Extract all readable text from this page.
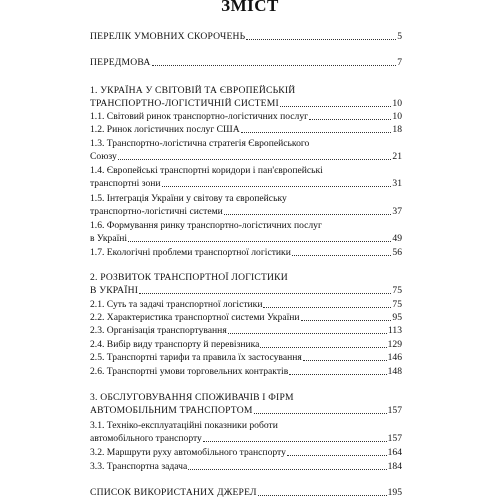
ЗМІСТ
ПЕРЕЛІК УМОВНИХ СКОРОЧЕНЬ	5
ПЕРЕДМОВА	7
1. УКРАЇНА У СВІТОВІЙ ТА ЄВРОПЕЙСЬКІЙ
ТРАНСПОРТНО-ЛОГІСТИЧНІЙ СИСТЕМІ	10
1.1. Світовий ринок транспортно-логістичних послуг	10
1.2. Ринок логістичних послуг США	18
1.3. Транспортно-логістична стратегія Європейського
Союзу	21
1.4. Європейські транспортні коридори і пан'європейські
транспортні зони	31
1.5. Інтеграція України у світову та європейську
транспортно-логістичні системи	37
1.6. Формування ринку транспортно-логістичних послуг
в Україні	49
1.7. Екологічні проблеми транспортної логістики	56
2. РОЗВИТОК ТРАНСПОРТНОЇ ЛОГІСТИКИ
В УКРАЇНІ	75
2.1. Суть та задачі транспортної логістики	75
2.2. Характеристика транспортної системи України	95
2.3. Організація транспортування	113
2.4. Вибір виду транспорту й перевізника	129
2.5. Транспортні тарифи та правила їх застосування	146
2.6. Транспортні умови торговельних контрактів	148
3. ОБСЛУГОВУВАННЯ СПОЖИВАЧІВ І ФІРМ
АВТОМОБІЛЬНИМ ТРАНСПОРТОМ	157
3.1. Техніко-експлуатаційні показники роботи
автомобільного транспорту	157
3.2. Маршрути руху автомобільного транспорту	164
3.3. Транспортна задача	184
СПИСОК ВИКОРИСТАНИХ ДЖЕРЕЛ	195
